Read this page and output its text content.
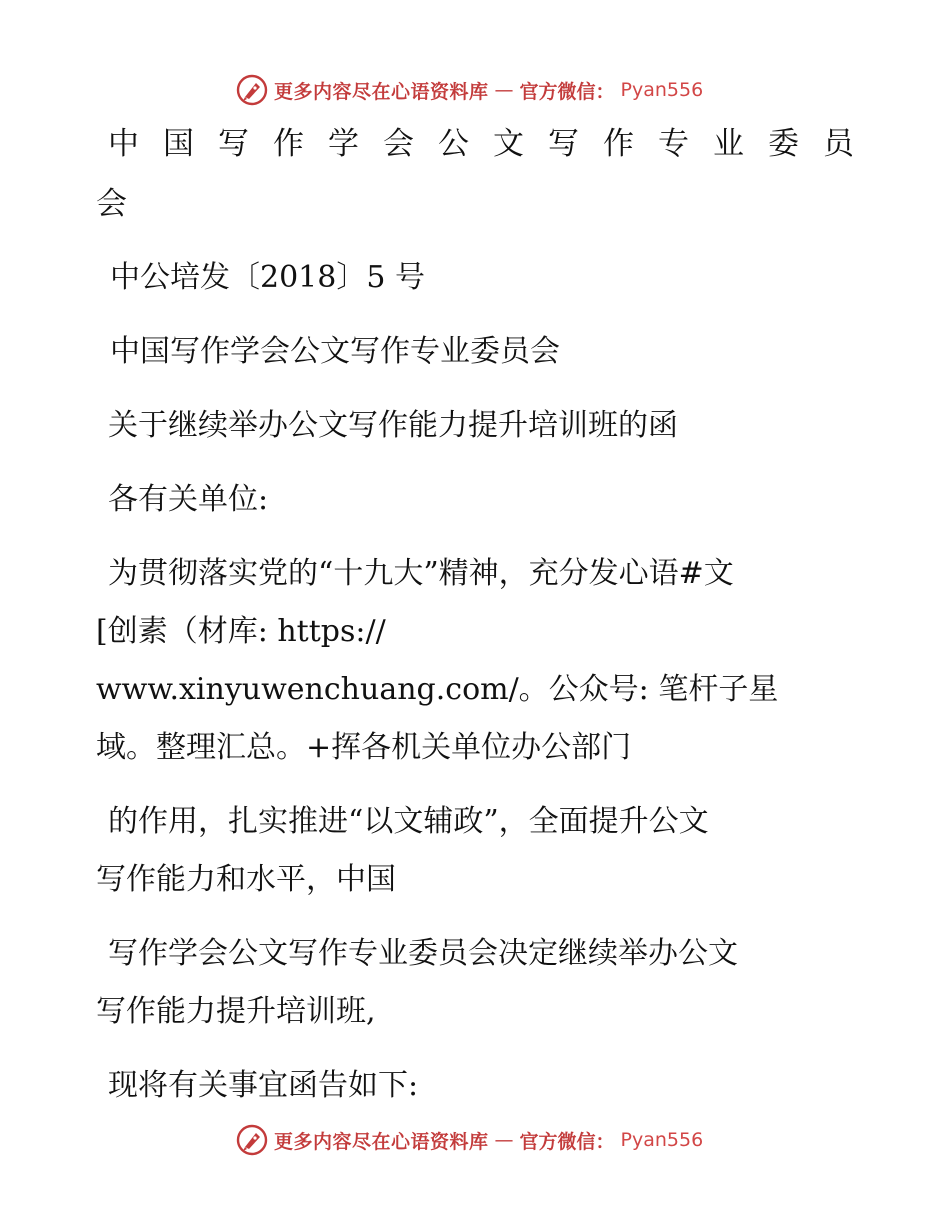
更多内容尽在心语资料库 — 官方微信： Pyan556
中国写作学会公文写作专业委员
会
中公培发〔2018〕5 号
中国写作学会公文写作专业委员会
关于继续举办公文写作能力提升培训班的函
各有关单位:
为贯彻落实党的“十九大”精神，充分发心语#文
[创素（材库: https://
www.xinyuwenchuang.com/。公众号: 笔杆子星
域。整理汇总。+挥各机关单位办公部门
的作用，扎实推进“以文辅政”，全面提升公文
写作能力和水平，中国
写作学会公文写作专业委员会决定继续举办公文
写作能力提升培训班,
现将有关事宜函告如下:
更多内容尽在心语资料库 — 官方微信： Pyan556
